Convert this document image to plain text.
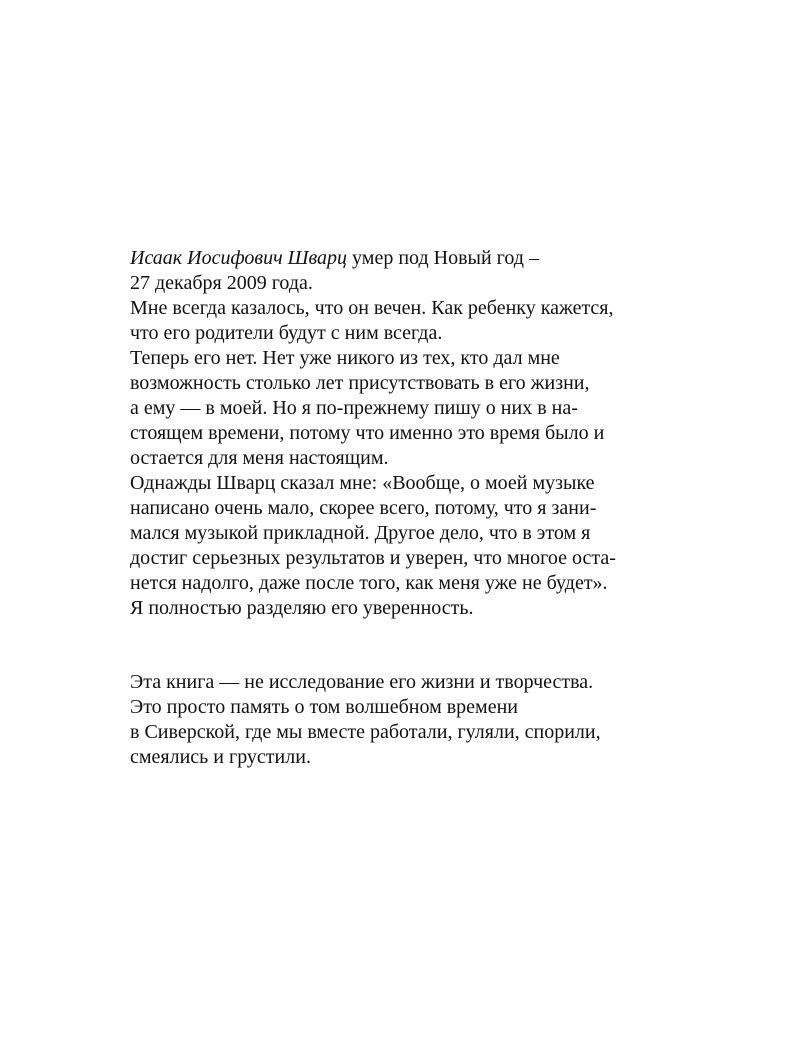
Исаак Иосифович Шварц умер под Новый год –
27 декабря 2009 года.
Мне всегда казалось, что он вечен. Как ребенку кажется,
что его родители будут с ним всегда.
Теперь его нет. Нет уже никого из тех, кто дал мне
возможность столько лет присутствовать в его жизни,
а ему — в моей. Но я по-прежнему пишу о них в на-
стоящем времени, потому что именно это время было и
остается для меня настоящим.
Однажды Шварц сказал мне: «Вообще, о моей музыке
написано очень мало, скорее всего, потому, что я зани-
мался музыкой прикладной. Другое дело, что в этом я
достиг серьезных результатов и уверен, что многое оста-
нется надолго, даже после того, как меня уже не будет».
Я полностью разделяю его уверенность.
Эта книга — не исследование его жизни и творчества.
Это просто память о том волшебном времени
в Сиверской, где мы вместе работали, гуляли, спорили,
смеялись и грустили.
